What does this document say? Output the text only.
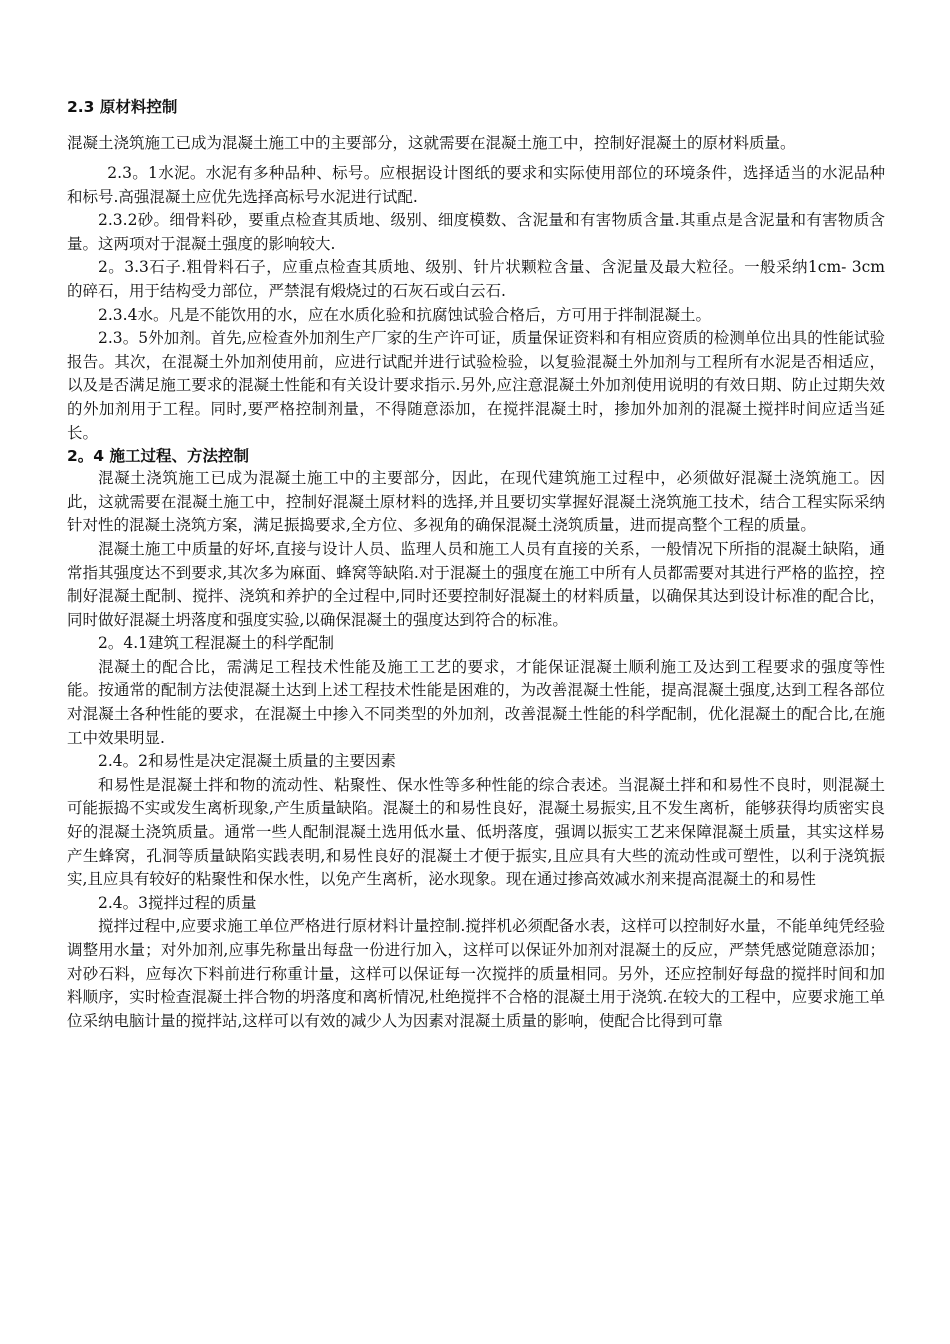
2.3 原材料控制

混凝土浇筑施工已成为混凝土施工中的主要部分，这就需要在混凝土施工中，控制好混凝土的原材料质量。

2.3。1水泥。水泥有多种品种、标号。应根据设计图纸的要求和实际使用部位的环境条件，选择适当的水泥品种和标号.高强混凝土应优先选择高标号水泥进行试配.

2.3.2砂。细骨料砂，要重点检查其质地、级别、细度模数、含泥量和有害物质含量.其重点是含泥量和有害物质含量。这两项对于混凝土强度的影响较大.

2。3.3石子.粗骨料石子，应重点检查其质地、级别、针片状颗粒含量、含泥量及最大粒径。一般采纳1cm- 3cm 的碎石，用于结构受力部位，严禁混有煅烧过的石灰石或白云石.

2.3.4水。凡是不能饮用的水，应在水质化验和抗腐蚀试验合格后，方可用于拌制混凝土。

2.3。5外加剂。首先,应检查外加剂生产厂家的生产许可证，质量保证资料和有相应资质的检测单位出具的性能试验报告。其次，在混凝土外加剂使用前，应进行试配并进行试验检验，以复验混凝土外加剂与工程所有水泥是否相适应，以及是否满足施工要求的混凝土性能和有关设计要求指示.另外,应注意混凝土外加剂使用说明的有效日期、防止过期失效的外加剂用于工程。同时,要严格控制剂量，不得随意添加，在搅拌混凝土时，掺加外加剂的混凝土搅拌时间应适当延长。

2。4 施工过程、方法控制

混凝土浇筑施工已成为混凝土施工中的主要部分，因此，在现代建筑施工过程中，必须做好混凝土浇筑施工。因此，这就需要在混凝土施工中，控制好混凝土原材料的选择,并且要切实掌握好混凝土浇筑施工技术，结合工程实际采纳针对性的混凝土浇筑方案，满足振捣要求,全方位、多视角的确保混凝土浇筑质量，进而提高整个工程的质量。

混凝土施工中质量的好坏,直接与设计人员、监理人员和施工人员有直接的关系，一般情况下所指的混凝土缺陷，通常指其强度达不到要求,其次多为麻面、蜂窝等缺陷.对于混凝土的强度在施工中所有人员都需要对其进行严格的监控，控制好混凝土配制、搅拌、浇筑和养护的全过程中,同时还要控制好混凝土的材料质量，以确保其达到设计标准的配合比，同时做好混凝土坍落度和强度实验,以确保混凝土的强度达到符合的标准。

2。4.1建筑工程混凝土的科学配制

混凝土的配合比，需满足工程技术性能及施工工艺的要求，才能保证混凝土顺利施工及达到工程要求的强度等性能。按通常的配制方法使混凝土达到上述工程技术性能是困难的，为改善混凝土性能，提高混凝土强度,达到工程各部位对混凝土各种性能的要求，在混凝土中掺入不同类型的外加剂，改善混凝土性能的科学配制，优化混凝土的配合比,在施工中效果明显.

2.4。2和易性是决定混凝土质量的主要因素

和易性是混凝土拌和物的流动性、粘聚性、保水性等多种性能的综合表述。当混凝土拌和和易性不良时，则混凝土可能振捣不实或发生离析现象,产生质量缺陷。混凝土的和易性良好，混凝土易振实,且不发生离析，能够获得均质密实良好的混凝土浇筑质量。通常一些人配制混凝土选用低水量、低坍落度，强调以振实工艺来保障混凝土质量，其实这样易产生蜂窝，孔洞等质量缺陷实践表明,和易性良好的混凝土才便于振实,且应具有大些的流动性或可塑性，以利于浇筑振实,且应具有较好的粘聚性和保水性，以免产生离析，泌水现象。现在通过掺高效减水剂来提高混凝土的和易性

2.4。3搅拌过程的质量

搅拌过程中,应要求施工单位严格进行原材料计量控制.搅拌机必须配备水表，这样可以控制好水量，不能单纯凭经验调整用水量；对外加剂,应事先称量出每盘一份进行加入，这样可以保证外加剂对混凝土的反应，严禁凭感觉随意添加；对砂石料，应每次下料前进行称重计量，这样可以保证每一次搅拌的质量相同。另外，还应控制好每盘的搅拌时间和加料顺序，实时检查混凝土拌合物的坍落度和离析情况,杜绝搅拌不合格的混凝土用于浇筑.在较大的工程中，应要求施工单位采纳电脑计量的搅拌站,这样可以有效的减少人为因素对混凝土质量的影响，使配合比得到可靠
